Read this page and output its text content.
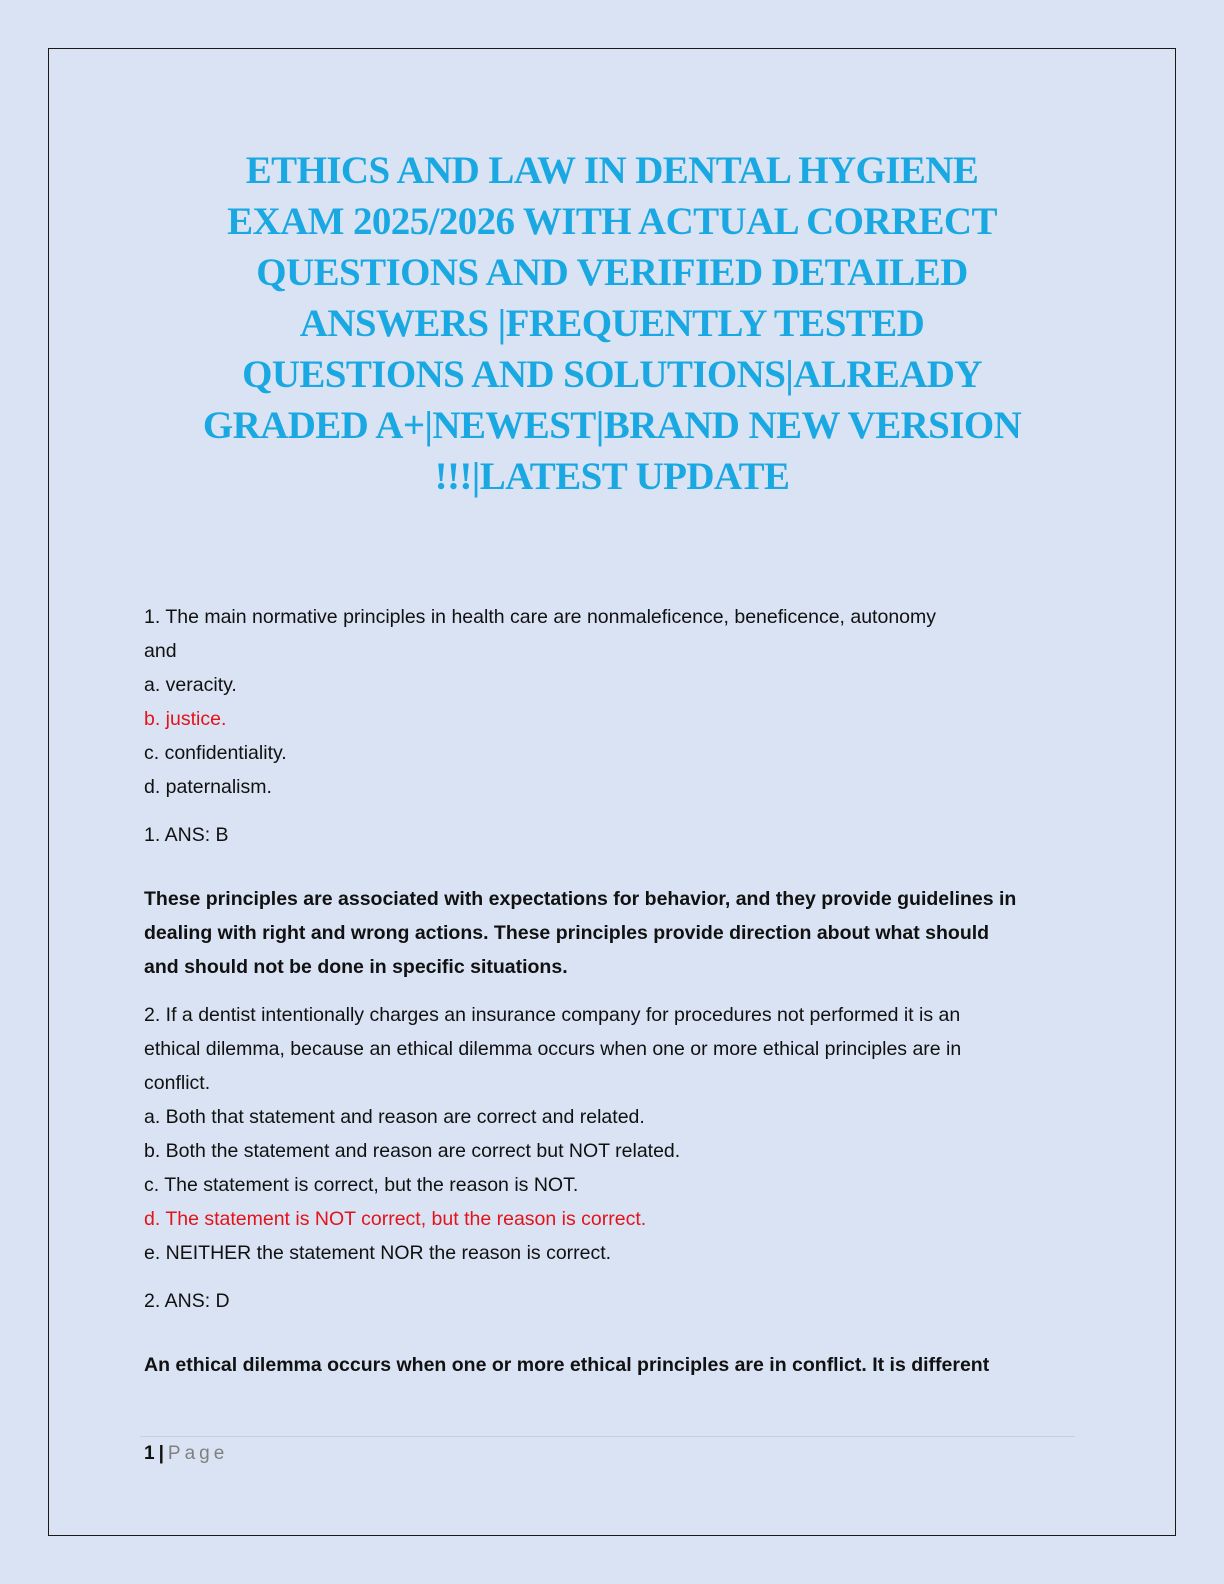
ETHICS AND LAW IN DENTAL HYGIENE
EXAM 2025/2026 WITH ACTUAL CORRECT
QUESTIONS AND VERIFIED DETAILED
ANSWERS |FREQUENTLY TESTED
QUESTIONS AND SOLUTIONS|ALREADY
GRADED A+|NEWEST|BRAND NEW VERSION
!!!|LATEST UPDATE
1. The main normative principles in health care are nonmaleficence, beneficence, autonomy
and
a. veracity.
b. justice.
c. confidentiality.
d. paternalism.
1. ANS: B
These principles are associated with expectations for behavior, and they provide guidelines in
dealing with right and wrong actions. These principles provide direction about what should
and should not be done in specific situations.
2. If a dentist intentionally charges an insurance company for procedures not performed it is an
ethical dilemma, because an ethical dilemma occurs when one or more ethical principles are in
conflict.
a. Both that statement and reason are correct and related.
b. Both the statement and reason are correct but NOT related.
c. The statement is correct, but the reason is NOT.
d. The statement is NOT correct, but the reason is correct.
e. NEITHER the statement NOR the reason is correct.
2. ANS: D
An ethical dilemma occurs when one or more ethical principles are in conflict. It is different
1 | Page
